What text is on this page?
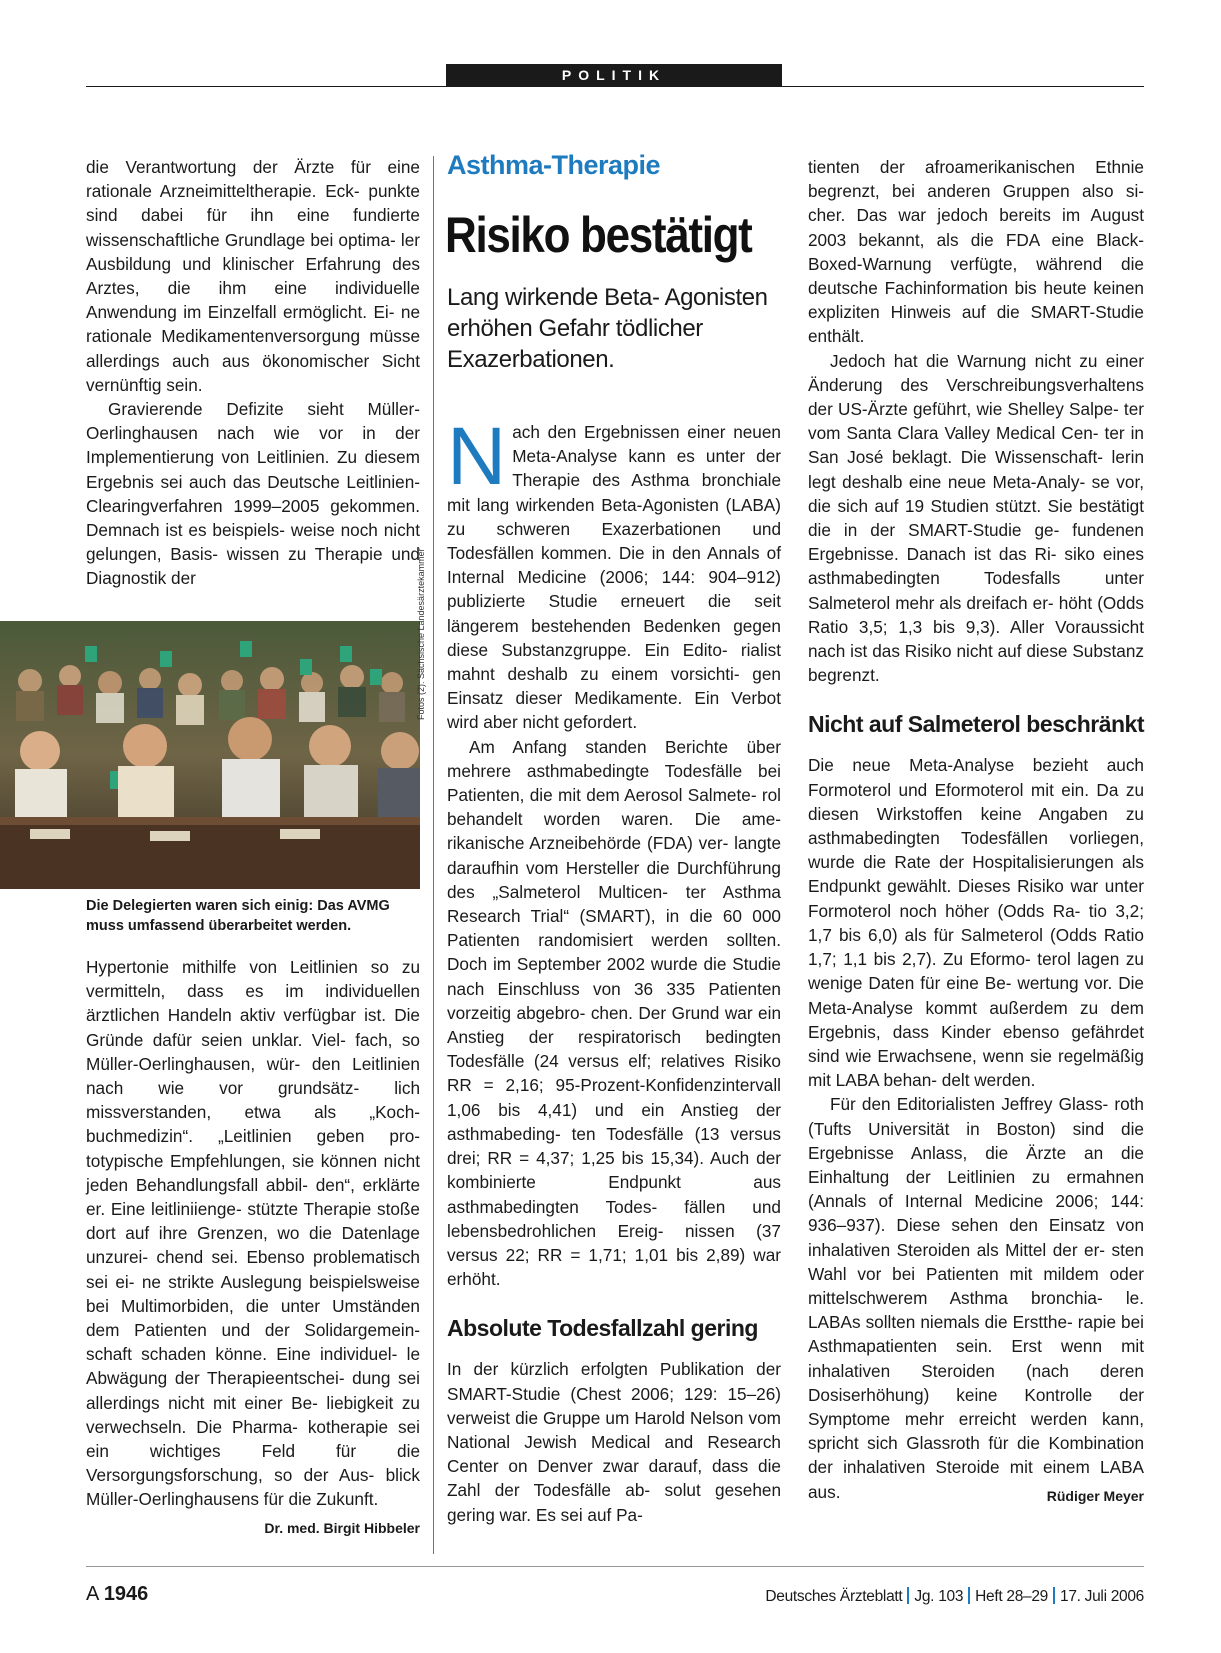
POLITIK

die Verantwortung der Ärzte für eine rationale Arzneimitteltherapie. Eck- punkte sind dabei für ihn eine fundierte wissenschaftliche Grundlage bei optima- ler Ausbildung und klinischer Erfahrung des Arztes, die ihm eine individuelle Anwendung im Einzelfall ermöglicht. Ei- ne rationale Medikamentenversorgung müsse allerdings auch aus ökonomischer Sicht vernünftig sein.

Gravierende Defizite sieht Müller- Oerlinghausen nach wie vor in der Implementierung von Leitlinien. Zu diesem Ergebnis sei auch das Deutsche Leitlinien-Clearingverfahren 1999–2005 gekommen. Demnach ist es beispiels- weise noch nicht gelungen, Basis- wissen zu Therapie und Diagnostik der	Fotos (2): Sächsische Landesärztekammer
Die Delegierten waren sich einig: Das AVMG muss umfassend überarbeitet werden.

Hypertonie mithilfe von Leitlinien so zu vermitteln, dass es im individuellen ärztlichen Handeln aktiv verfügbar ist. Die Gründe dafür seien unklar. Viel- fach, so Müller-Oerlinghausen, wür- den Leitlinien nach wie vor grundsätz- lich missverstanden, etwa als „Koch- buchmedizin“. „Leitlinien geben pro- totypische Empfehlungen, sie können nicht jeden Behandlungsfall abbil- den“, erklärte er. Eine leitliniienge- stützte Therapie stoße dort auf ihre Grenzen, wo die Datenlage unzurei- chend sei. Ebenso problematisch sei ei- ne strikte Auslegung beispielsweise bei Multimorbiden, die unter Umständen dem Patienten und der Solidargemein- schaft schaden könne. Eine individuel- le Abwägung der Therapieentschei- dung sei allerdings nicht mit einer Be- liebigkeit zu verwechseln. Die Pharma- kotherapie sei ein wichtiges Feld für die Versorgungsforschung, so der Aus- blick Müller-Oerlinghausens für die Zukunft.
Dr. med. Birgit Hibbeler

Asthma-Therapie
Risiko bestätigt
Lang wirkende Beta- Agonisten erhöhen Gefahr tödlicher Exazerbationen.

Nach den Ergebnissen einer neuen Meta-Analyse kann es unter der Therapie des Asthma bronchiale mit lang wirkenden Beta-Agonisten (LABA) zu schweren Exazerbationen und Todesfällen kommen. Die in den Annals of Internal Medicine (2006; 144: 904–912) publizierte Studie erneuert die seit längerem bestehenden Bedenken gegen diese Substanzgruppe. Ein Edito- rialist mahnt deshalb zu einem vorsichti- gen Einsatz dieser Medikamente. Ein Verbot wird aber nicht gefordert.

Am Anfang standen Berichte über mehrere asthmabedingte Todesfälle bei Patienten, die mit dem Aerosol Salmete- rol behandelt worden waren. Die ame- rikanische Arzneibehörde (FDA) ver- langte daraufhin vom Hersteller die Durchführung des „Salmeterol Multicen- ter Asthma Research Trial“ (SMART), in die 60 000 Patienten randomisiert werden sollten. Doch im September 2002 wurde die Studie nach Einschluss von 36 335 Patienten vorzeitig abgebro- chen. Der Grund war ein Anstieg der respiratorisch bedingten Todesfälle (24 versus elf; relatives Risiko RR = 2,16; 95-Prozent-Konfidenzintervall 1,06 bis 4,41) und ein Anstieg der asthmabeding- ten Todesfälle (13 versus drei; RR = 4,37; 1,25 bis 15,34). Auch der kombinierte Endpunkt aus asthmabedingten Todes- fällen und lebensbedrohlichen Ereig- nissen (37 versus 22; RR = 1,71; 1,01 bis 2,89) war erhöht.

Absolute Todesfallzahl gering

In der kürzlich erfolgten Publikation der SMART-Studie (Chest 2006; 129: 15–26) verweist die Gruppe um Harold Nelson vom National Jewish Medical and Research Center on Denver zwar darauf, dass die Zahl der Todesfälle ab- solut gesehen gering war. Es sei auf Pa-

tienten der afroamerikanischen Ethnie begrenzt, bei anderen Gruppen also si- cher. Das war jedoch bereits im August 2003 bekannt, als die FDA eine Black- Boxed-Warnung verfügte, während die deutsche Fachinformation bis heute keinen expliziten Hinweis auf die SMART-Studie enthält.

Jedoch hat die Warnung nicht zu einer Änderung des Verschreibungsverhaltens der US-Ärzte geführt, wie Shelley Salpe- ter vom Santa Clara Valley Medical Cen- ter in San José beklagt. Die Wissenschaft- lerin legt deshalb eine neue Meta-Analy- se vor, die sich auf 19 Studien stützt. Sie bestätigt die in der SMART-Studie ge- fundenen Ergebnisse. Danach ist das Ri- siko eines asthmabedingten Todesfalls unter Salmeterol mehr als dreifach er- höht (Odds Ratio 3,5; 1,3 bis 9,3). Aller Voraussicht nach ist das Risiko nicht auf diese Substanz begrenzt.

Nicht auf Salmeterol beschränkt

Die neue Meta-Analyse bezieht auch Formoterol und Eformoterol mit ein. Da zu diesen Wirkstoffen keine Angaben zu asthmabedingten Todesfällen vorliegen, wurde die Rate der Hospitalisierungen als Endpunkt gewählt. Dieses Risiko war unter Formoterol noch höher (Odds Ra- tio 3,2; 1,7 bis 6,0) als für Salmeterol (Odds Ratio 1,7; 1,1 bis 2,7). Zu Eformo- terol lagen zu wenige Daten für eine Be- wertung vor. Die Meta-Analyse kommt außerdem zu dem Ergebnis, dass Kinder ebenso gefährdet sind wie Erwachsene, wenn sie regelmäßig mit LABA behan- delt werden.

Für den Editorialisten Jeffrey Glass- roth (Tufts Universität in Boston) sind die Ergebnisse Anlass, die Ärzte an die Einhaltung der Leitlinien zu ermahnen (Annals of Internal Medicine 2006; 144: 936–937). Diese sehen den Einsatz von inhalativen Steroiden als Mittel der er- sten Wahl vor bei Patienten mit mildem oder mittelschwerem Asthma bronchia- le. LABAs sollten niemals die Erstthe- rapie bei Asthmapatienten sein. Erst wenn mit inhalativen Steroiden (nach deren Dosiserhöhung) keine Kontrolle der Symptome mehr erreicht werden kann, spricht sich Glassroth für die Kombination der inhalativen Steroide mit einem LABA aus.	Rüdiger Meyer

A 1946	Deutsches Ärzteblatt Jg. 103 Heft 28–29 17. Juli 2006
